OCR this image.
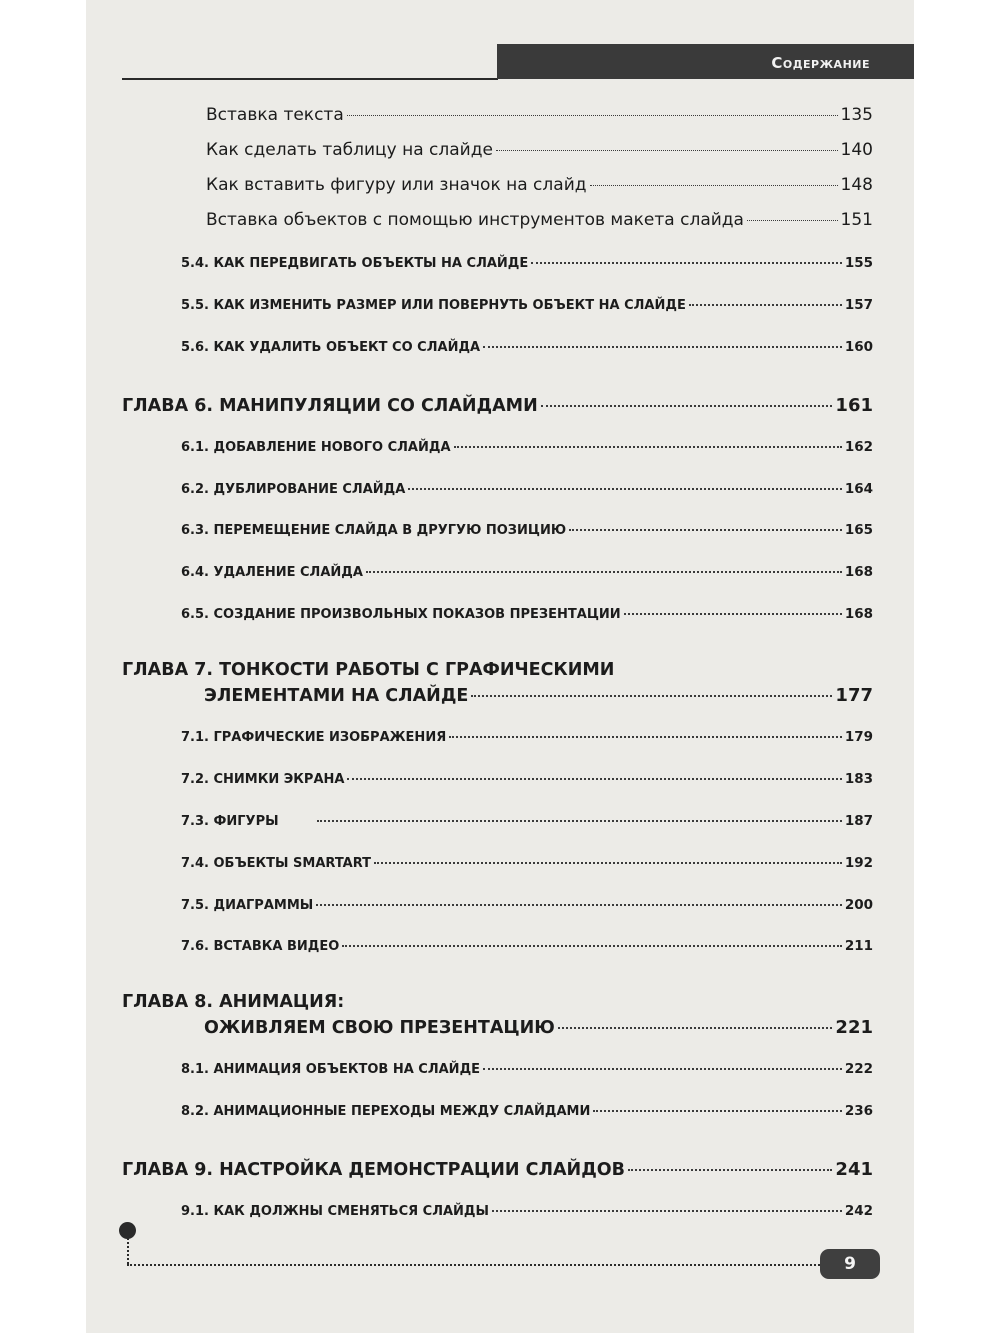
Содержание
Вставка текста	135
Как сделать таблицу на слайде	140
Как вставить фигуру или значок на слайд	148
Вставка объектов с помощью инструментов макета слайда	151
5.4. КАК ПЕРЕДВИГАТЬ ОБЪЕКТЫ НА СЛАЙДЕ	155
5.5. КАК ИЗМЕНИТЬ РАЗМЕР ИЛИ ПОВЕРНУТЬ ОБЪЕКТ НА СЛАЙДЕ	157
5.6. КАК УДАЛИТЬ ОБЪЕКТ СО СЛАЙДА	160
ГЛАВА 6. МАНИПУЛЯЦИИ СО СЛАЙДАМИ	161
6.1. ДОБАВЛЕНИЕ НОВОГО СЛАЙДА	162
6.2. ДУБЛИРОВАНИЕ СЛАЙДА	164
6.3. ПЕРЕМЕЩЕНИЕ СЛАЙДА В ДРУГУЮ ПОЗИЦИЮ	165
6.4. УДАЛЕНИЕ СЛАЙДА	168
6.5. СОЗДАНИЕ ПРОИЗВОЛЬНЫХ ПОКАЗОВ ПРЕЗЕНТАЦИИ	168
ГЛАВА 7. ТОНКОСТИ РАБОТЫ С ГРАФИЧЕСКИМИ
ЭЛЕМЕНТАМИ НА СЛАЙДЕ	177
7.1. ГРАФИЧЕСКИЕ ИЗОБРАЖЕНИЯ	179
7.2. СНИМКИ ЭКРАНА	183
7.3. ФИГУРЫ	187
7.4. ОБЪЕКТЫ SMARTART	192
7.5. ДИАГРАММЫ	200
7.6. ВСТАВКА ВИДЕО	211
ГЛАВА 8. АНИМАЦИЯ:
ОЖИВЛЯЕМ СВОЮ ПРЕЗЕНТАЦИЮ	221
8.1. АНИМАЦИЯ ОБЪЕКТОВ НА СЛАЙДЕ	222
8.2. АНИМАЦИОННЫЕ ПЕРЕХОДЫ МЕЖДУ СЛАЙДАМИ	236
ГЛАВА 9. НАСТРОЙКА ДЕМОНСТРАЦИИ СЛАЙДОВ	241
9.1. КАК ДОЛЖНЫ СМЕНЯТЬСЯ СЛАЙДЫ	242
9
